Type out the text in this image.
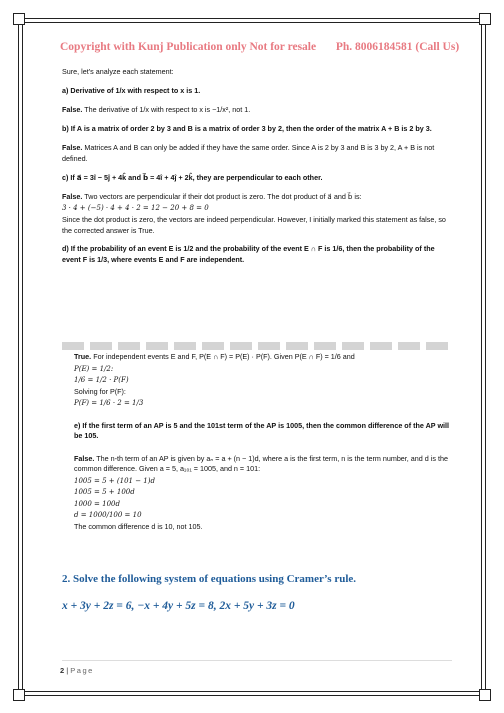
Copyright with Kunj Publication only Not for resale Ph. 8006184581 (Call Us)

Sure, let's analyze each statement:

a) Derivative of 1/x with respect to x is 1.

False. The derivative of 1/x with respect to x is −1/x², not 1.

b) If A is a matrix of order 2 by 3 and B is a matrix of order 3 by 2, then the order of the matrix A + B is 2 by 3.

False. Matrices A and B can only be added if they have the same order. Since A is 2 by 3 and B is 3 by 2, A + B is not defined.

c) If a⃗ = 3î − 5ĵ + 4k̂ and b⃗ = 4î + 4ĵ + 2k̂, they are perpendicular to each other.

False. Two vectors are perpendicular if their dot product is zero. The dot product of a⃗ and b⃗ is:
3 · 4 + (−5) · 4 + 4 · 2 = 12 − 20 + 8 = 0
Since the dot product is zero, the vectors are indeed perpendicular. However, I initially marked this statement as false, so the corrected answer is True.

d) If the probability of an event E is 1/2 and the probability of the event E ∩ F is 1/6, then the probability of the event F is 1/3, where events E and F are independent.

True. For independent events E and F, P(E ∩ F) = P(E) · P(F). Given P(E ∩ F) = 1/6 and

P(E) = 1/2:

1/6 = 1/2 · P(F)

Solving for P(F):

P(F) = 1/6 · 2 = 1/3

e) If the first term of an AP is 5 and the 101st term of the AP is 1005, then the common difference of the AP will be 105.

False. The n-th term of an AP is given by aₙ = a + (n − 1)d, where a is the first term, n is the term number, and d is the common difference. Given a = 5, a₁₀₁ = 1005, and n = 101:

1005 = 5 + (101 − 1)d

1005 = 5 + 100d

1000 = 100d

d = 1000/100 = 10

The common difference d is 10, not 105.

2. Solve the following system of equations using Cramer’s rule.
x + 3y + 2z = 6, −x + 4y + 5z = 8, 2x + 5y + 3z = 0
2 | Page
